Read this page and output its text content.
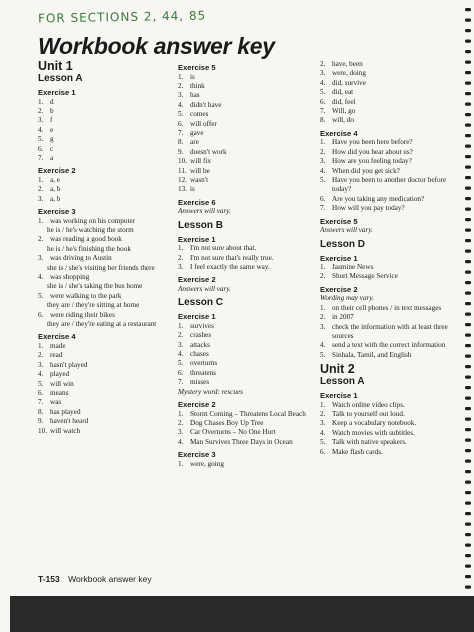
FOR SECTIONS 2, 44, 85
Workbook answer key
Unit 1
Lesson A
Exercise 1
1. d
2. b
3. f
4. e
5. g
6. c
7. a
Exercise 2
1. a, e
2. a, b
3. a, b
Exercise 3
1. was working on his computer
he is / he's watching the storm
2. was reading a good book
he is / he's finishing the book
3. was driving to Austin
she is / she's visiting her friends there
4. was shopping
she is / she's taking the bus home
5. were walking to the park
they are / they're sitting at home
6. were riding their bikes
they are / they're eating at a restaurant
Exercise 4
1. made
2. read
3. hasn't played
4. played
5. will win
6. means
7. was
8. has played
9. haven't heard
10. will watch
Exercise 5
1. is
2. think
3. has
4. didn't have
5. comes
6. will offer
7. gave
8. are
9. doesn't work
10. will fix
11. will be
12. wasn't
13. is
Exercise 6
Answers will vary.
Lesson B
Exercise 1
1. I'm not sure about that.
2. I'm not sure that's really true.
3. I feel exactly the same way.
Exercise 2
Answers will vary.
Lesson C
Exercise 1
1. survives
2. crashes
3. attacks
4. chases
5. overturns
6. threatens
7. misses
Mystery word: rescues
Exercise 2
1. Storm Coming – Threatens Local Beach
2. Dog Chases Boy Up Tree
3. Car Overturns – No One Hurt
4. Man Survives Three Days in Ocean
Exercise 3
1. were, going
2. have, been
3. were, doing
4. did, survive
5. did, eat
6. did, feel
7. Will, go
8. will, do
Exercise 4
1. Have you been here before?
2. How did you hear about us?
3. How are you feeling today?
4. When did you get sick?
5. Have you been to another doctor before today?
6. Are you taking any medication?
7. How will you pay today?
Exercise 5
Answers will vary.
Lesson D
Exercise 1
1. Jasmine News
2. Short Message Service
Exercise 2
Wording may vary.
1. on their cell phones / in text messages
2. in 2007
3. check the information with at least three sources
4. send a text with the correct information
5. Sinhala, Tamil, and English
Unit 2
Lesson A
Exercise 1
1. Watch online video clips.
2. Talk to yourself out loud.
3. Keep a vocabulary notebook.
4. Watch movies with subtitles.
5. Talk with native speakers.
6. Make flash cards.
T-153 Workbook answer key
